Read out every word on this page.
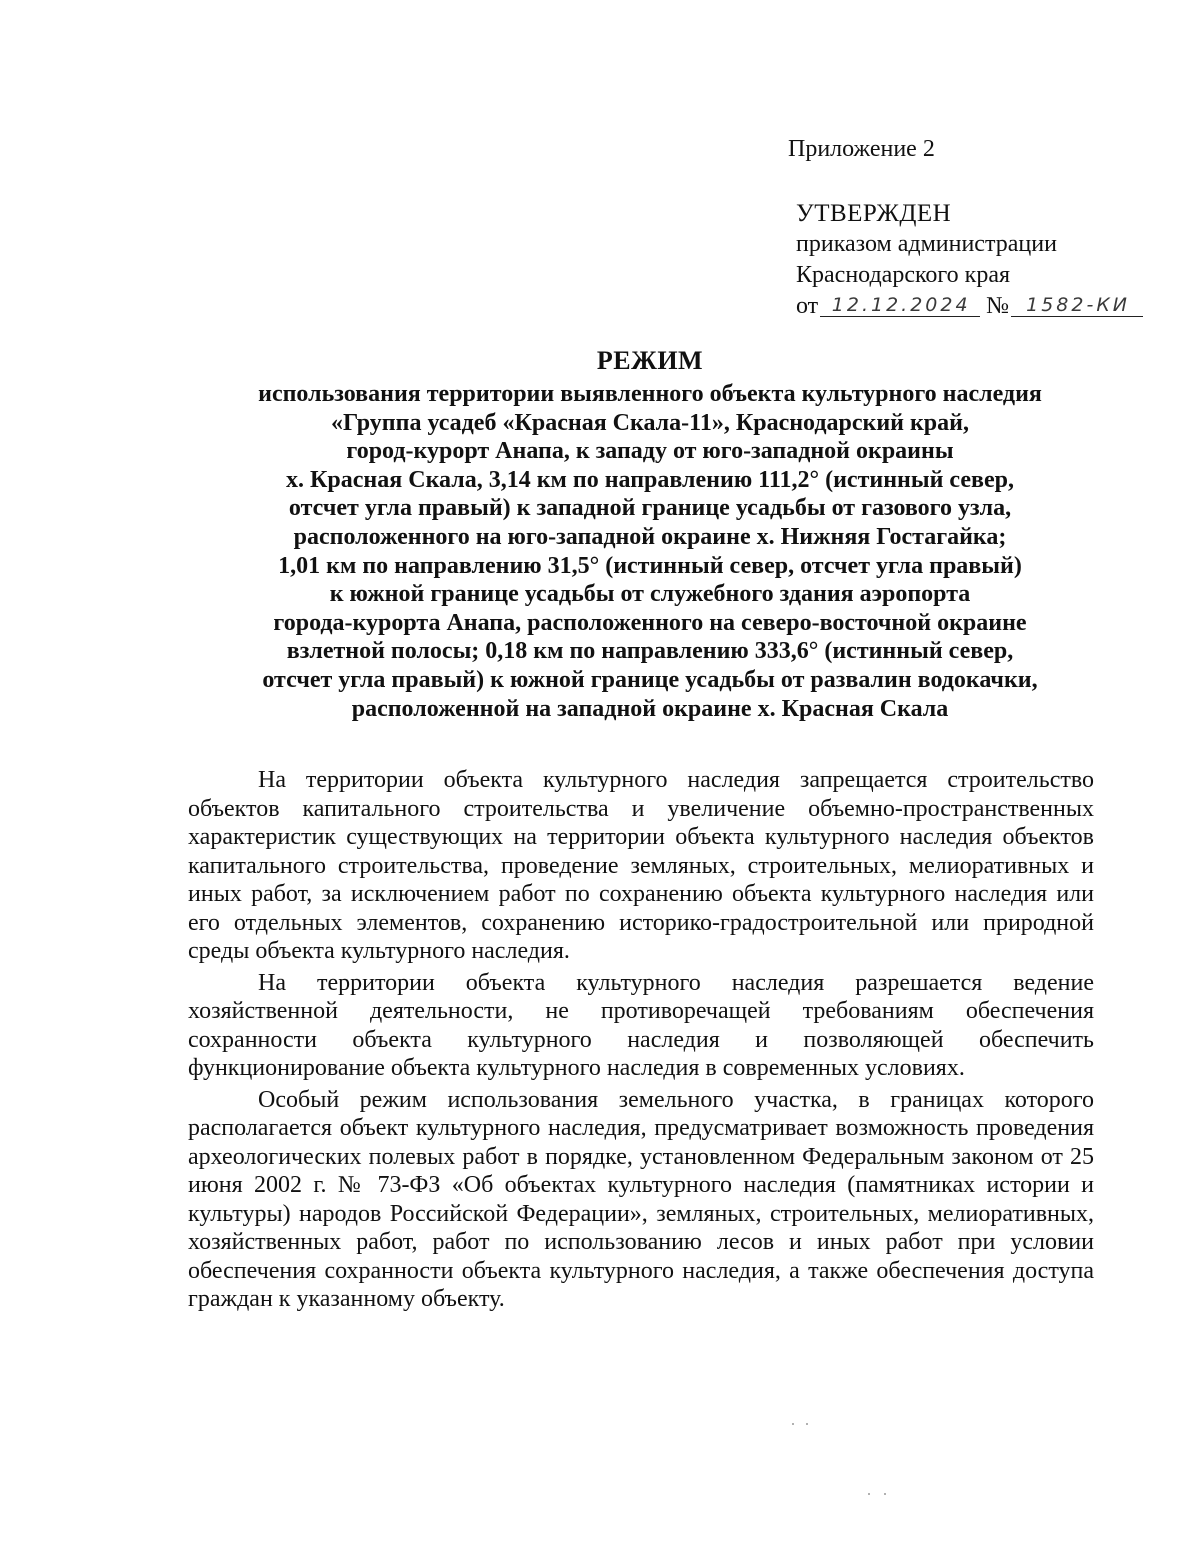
Приложение 2
УТВЕРЖДЕН
приказом администрации
Краснодарского края
от 12.12.2024 № 1582-КИ
РЕЖИМ
использования территории выявленного объекта культурного наследия
«Группа усадеб «Красная Скала-11», Краснодарский край,
город-курорт Анапа, к западу от юго-западной окраины
х. Красная Скала, 3,14 км по направлению 111,2° (истинный север,
отсчет угла правый) к западной границе усадьбы от газового узла,
расположенного на юго-западной окраине х. Нижняя Гостагайка;
1,01 км по направлению 31,5° (истинный север, отсчет угла правый)
к южной границе усадьбы от служебного здания аэропорта
города-курорта Анапа, расположенного на северо-восточной окраине
взлетной полосы; 0,18 км по направлению 333,6° (истинный север,
отсчет угла правый) к южной границе усадьбы от развалин водокачки,
расположенной на западной окраине х. Красная Скала

На территории объекта культурного наследия запрещается строительство объектов капитального строительства и увеличение объемно-пространственных характеристик существующих на территории объекта культурного наследия объектов капитального строительства, проведение земляных, строительных, мелиоративных и иных работ, за исключением работ по сохранению объекта культурного наследия или его отдельных элементов, сохранению историко-градостроительной или природной среды объекта культурного наследия.

На территории объекта культурного наследия разрешается ведение хозяйственной деятельности, не противоречащей требованиям обеспечения сохранности объекта культурного наследия и позволяющей обеспечить функционирование объекта культурного наследия в современных условиях.

Особый режим использования земельного участка, в границах которого располагается объект культурного наследия, предусматривает возможность проведения археологических полевых работ в порядке, установленном Федеральным законом от 25 июня 2002 г. № 73-ФЗ «Об объектах культурного наследия (памятниках истории и культуры) народов Российской Федерации», земляных, строительных, мелиоративных, хозяйственных работ, работ по использованию лесов и иных работ при условии обеспечения сохранности объекта культурного наследия, а также обеспечения доступа граждан к указанному объекту.
